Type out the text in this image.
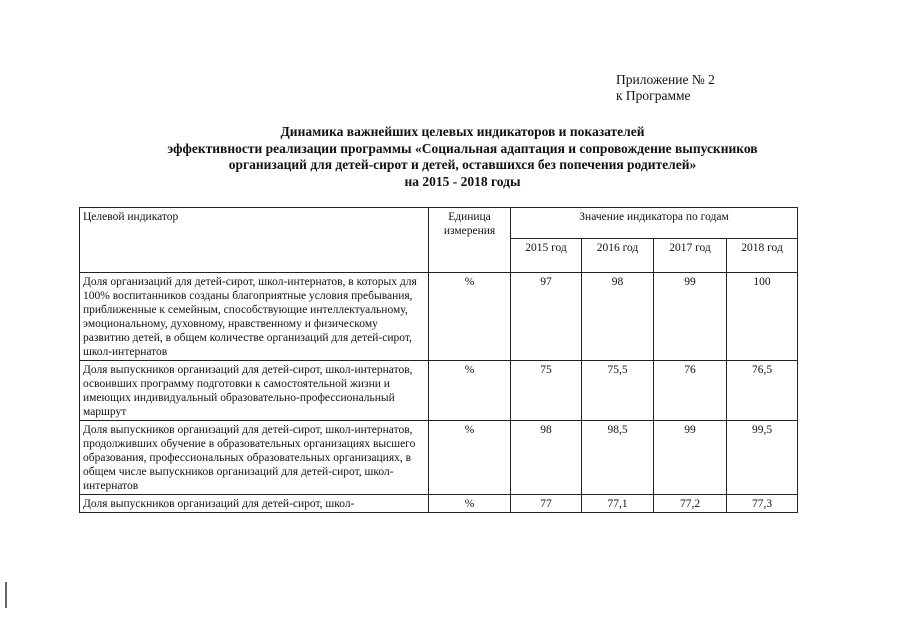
Приложение № 2
к Программе
Динамика важнейших целевых индикаторов и показателей
эффективности реализации программы «Социальная адаптация и сопровождение выпускников
организаций для детей-сирот и детей, оставшихся без попечения родителей»
на 2015 - 2018 годы
Целевой индикатор	Единица измерения	Значение индикатора по годам			
		2015 год	2016 год	2017 год	2018 год
Доля организаций для детей-сирот, школ-интернатов, в которых для 100% воспитанников созданы благоприятные условия пребывания, приближенные к семейным, способствующие интеллектуальному, эмоциональному, духовному, нравственному и физическому развитию детей, в общем количестве организаций для детей-сирот, школ-интернатов	%	97	98	99	100
Доля выпускников организаций для детей-сирот, школ-интернатов, освоивших программу подготовки к самостоятельной жизни и имеющих индивидуальный образовательно-профессиональный маршрут	%	75	75,5	76	76,5
Доля выпускников организаций для детей-сирот, школ-интернатов, продолживших обучение в образовательных организациях высшего образования, профессиональных образовательных организациях, в общем числе выпускников организаций для детей-сирот, школ-интернатов	%	98	98,5	99	99,5
Доля выпускников организаций для детей-сирот, школ-	%	77	77,1	77,2	77,3
